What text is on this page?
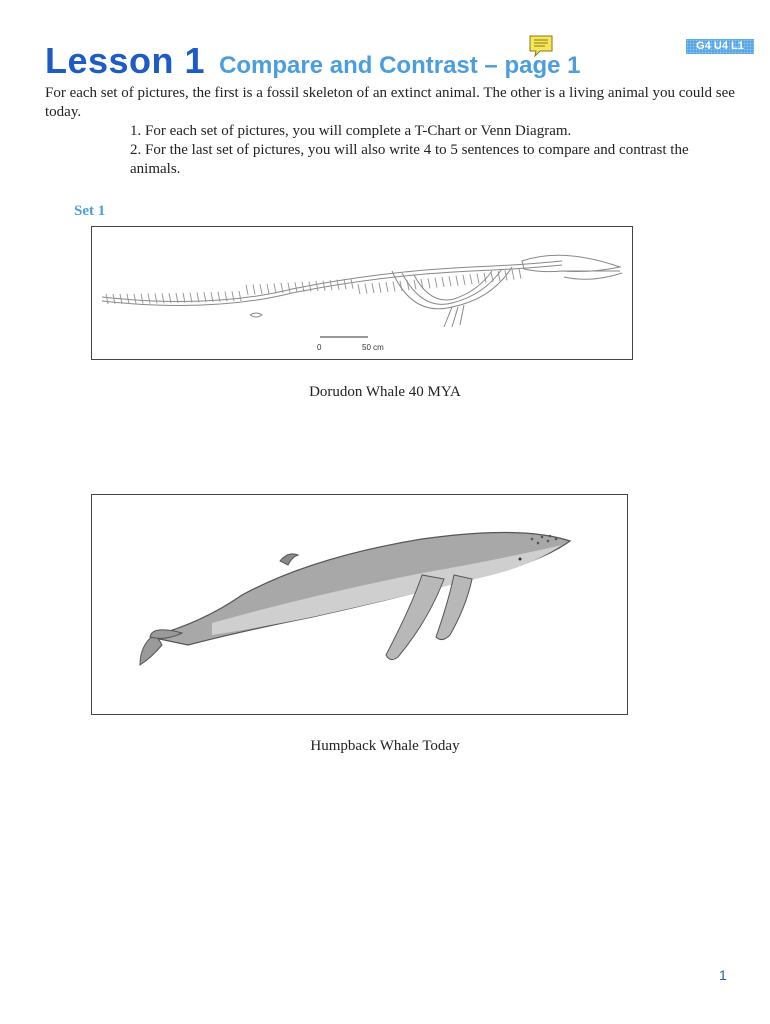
G4 U4 L1
Lesson 1 Compare and Contrast – page 1
For each set of pictures, the first is a fossil skeleton of an extinct animal. The other is a living animal you could see today.
1. For each set of pictures, you will complete a T-Chart or Venn Diagram.
2. For the last set of pictures, you will also write 4 to 5 sentences to compare and contrast the animals.
Set 1
0	50 cm
Dorudon Whale 40 MYA
Humpback Whale Today
1
